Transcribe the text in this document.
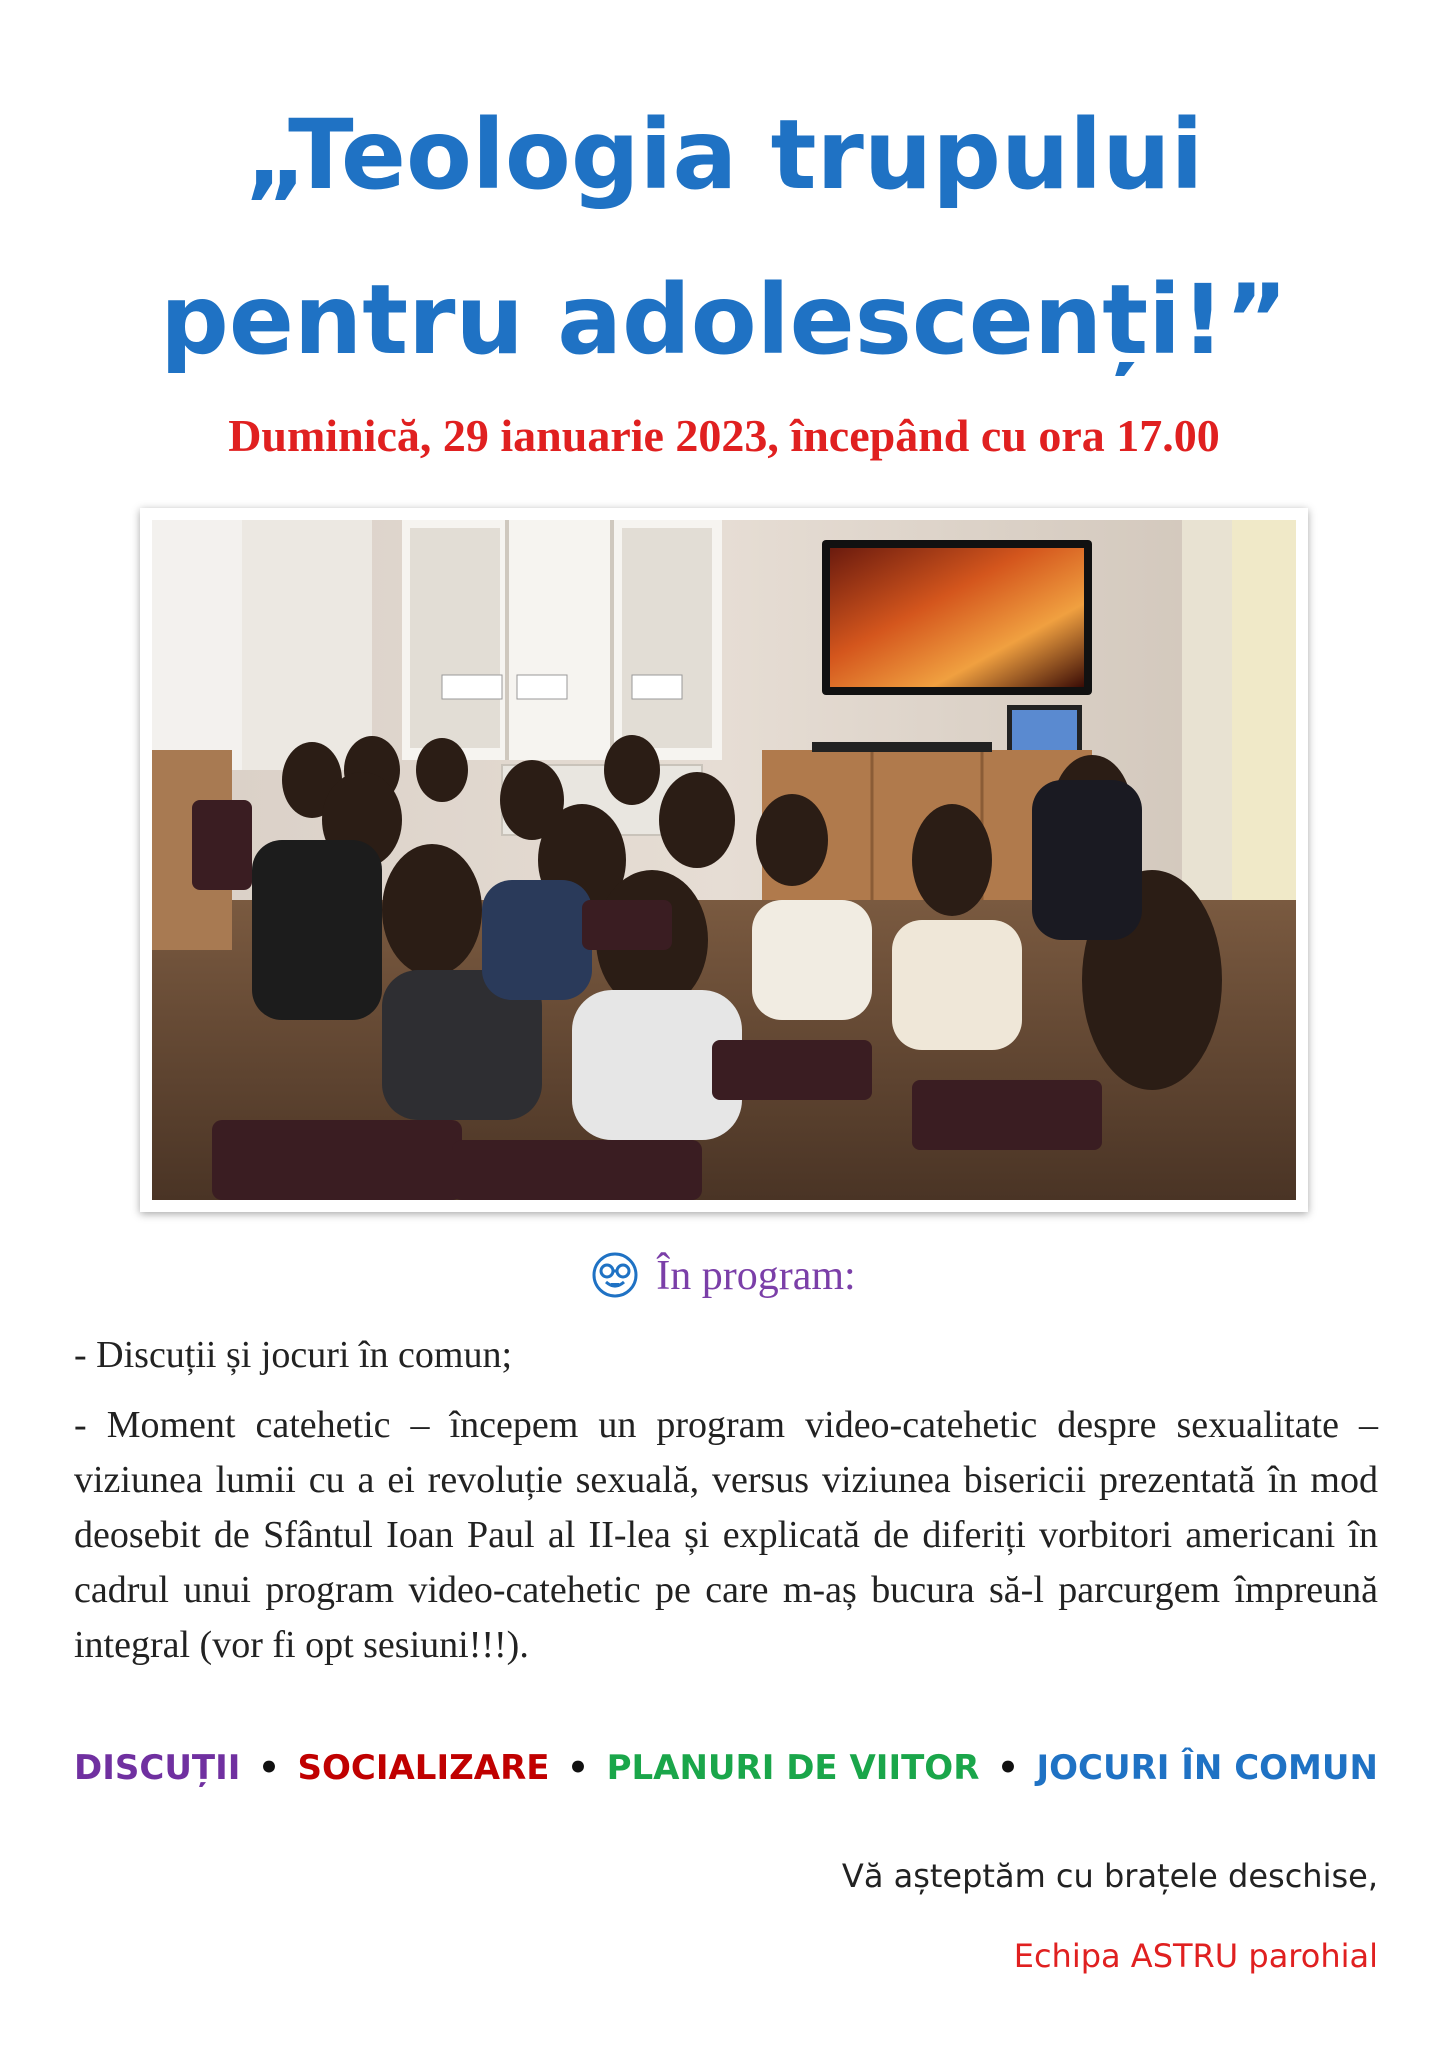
„Teologia trupului
pentru adolescenți!”
Duminică, 29 ianuarie 2023, începând cu ora 17.00
În program:
- Discuții și jocuri în comun;
- Moment catehetic – începem un program video-catehetic despre sexualitate – viziunea lumii cu a ei revoluție sexuală, versus viziunea bisericii prezentată în mod deosebit de Sfântul Ioan Paul al II-lea și explicată de diferiți vorbitori americani în cadrul unui program video-catehetic pe care m-aș bucura să-l parcurgem împreună integral (vor fi opt sesiuni!!!).
DISCUȚII • SOCIALIZARE • PLANURI DE VIITOR • JOCURI ÎN COMUN
Vă așteptăm cu brațele deschise,
Echipa ASTRU parohial
